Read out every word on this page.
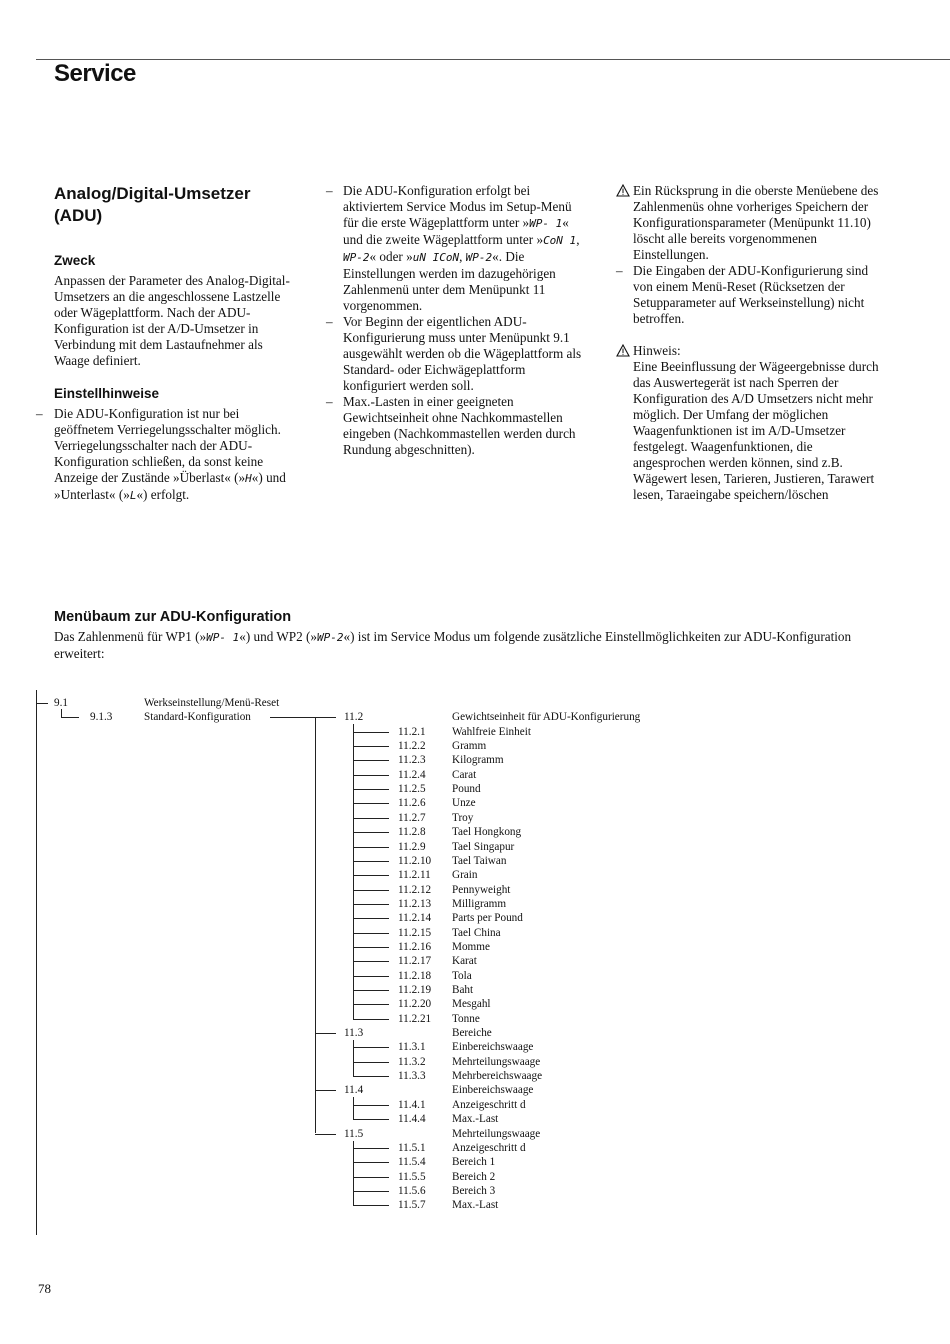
Service
Analog/Digital-Umsetzer
(ADU)
Zweck

Anpassen der Parameter des Analog-Digital-Umsetzers an die angeschlossene Lastzelle oder Wägeplattform. Nach der ADU-Konfiguration ist der A/D-Umsetzer in Verbindung mit dem Lastaufnehmer als Waage definiert.

Einstellhinweise

– Die ADU-Konfiguration ist nur bei geöffnetem Verriegelungsschalter möglich. Verriegelungsschalter nach der ADU-Konfiguration schließen, da sonst keine Anzeige der Zustände »Überlast« (»H«) und »Unterlast« (»L«) erfolgt.

– Die ADU-Konfiguration erfolgt bei aktiviertem Service Modus im Setup-Menü für die erste Wägeplattform unter »WP- 1« und die zweite Wägeplattform unter »CoN 1, WP-2« oder »uN ICoN, WP-2«. Die Einstellungen werden im dazugehörigen Zahlenmenü unter dem Menüpunkt 11 vorgenommen.

– Vor Beginn der eigentlichen ADU-Konfigurierung muss unter Menüpunkt 9.1 ausgewählt werden ob die Wägeplattform als Standard- oder Eichwägeplattform konfiguriert werden soll.

– Max.-Lasten in einer geeigneten Gewichtseinheit ohne Nachkommastellen eingeben (Nachkommastellen werden durch Rundung abgeschnitten).

Ein Rücksprung in die oberste Menüebene des Zahlenmenüs ohne vorheriges Speichern der Konfigurationsparameter (Menüpunkt 11.10) löscht alle bereits vorgenommenen Einstellungen.

– Die Eingaben der ADU-Konfigurierung sind von einem Menü-Reset (Rücksetzen der Setupparameter auf Werkseinstellung) nicht betroffen.

Hinweis:
Eine Beeinflussung der Wägeergebnisse durch das Auswertegerät ist nach Sperren der Konfiguration des A/D Umsetzers nicht mehr möglich. Der Umfang der möglichen Waagenfunktionen ist im A/D-Umsetzer festgelegt. Waagenfunktionen, die angesprochen werden können, sind z.B. Wägewert lesen, Tarieren, Justieren, Tarawert lesen, Taraeingabe speichern/löschen

Menübaum zur ADU-Konfiguration

Das Zahlenmenü für WP1 (»WP- 1«) und WP2 (»WP-2«) ist im Service Modus um folgende zusätzliche Einstellmöglichkeiten zur ADU-Konfiguration erweitert:

9.1	Werkseinstellung/Menü-Reset
9.1.3	Standard-Konfiguration	11.2	Gewichtseinheit für ADU-Konfigurierung
11.2.1 Wahlfreie Einheit
11.2.2 Gramm
11.2.3 Kilogramm
11.2.4 Carat
11.2.5 Pound
11.2.6 Unze
11.2.7 Troy
11.2.8 Tael Hongkong
11.2.9 Tael Singapur
11.2.10 Tael Taiwan
11.2.11 Grain
11.2.12 Pennyweight
11.2.13 Milligramm
11.2.14 Parts per Pound
11.2.15 Tael China
11.2.16 Momme
11.2.17 Karat
11.2.18 Tola
11.2.19 Baht
11.2.20 Mesgahl
11.2.21 Tonne
11.3	Bereiche
11.3.1 Einbereichswaage
11.3.2 Mehrteilungswaage
11.3.3 Mehrbereichswaage
11.4	Einbereichswaage
11.4.1 Anzeigeschritt d
11.4.4 Max.-Last
11.5	Mehrteilungswaage
11.5.1 Anzeigeschritt d
11.5.4 Bereich 1
11.5.5 Bereich 2
11.5.6 Bereich 3
11.5.7 Max.-Last
78
